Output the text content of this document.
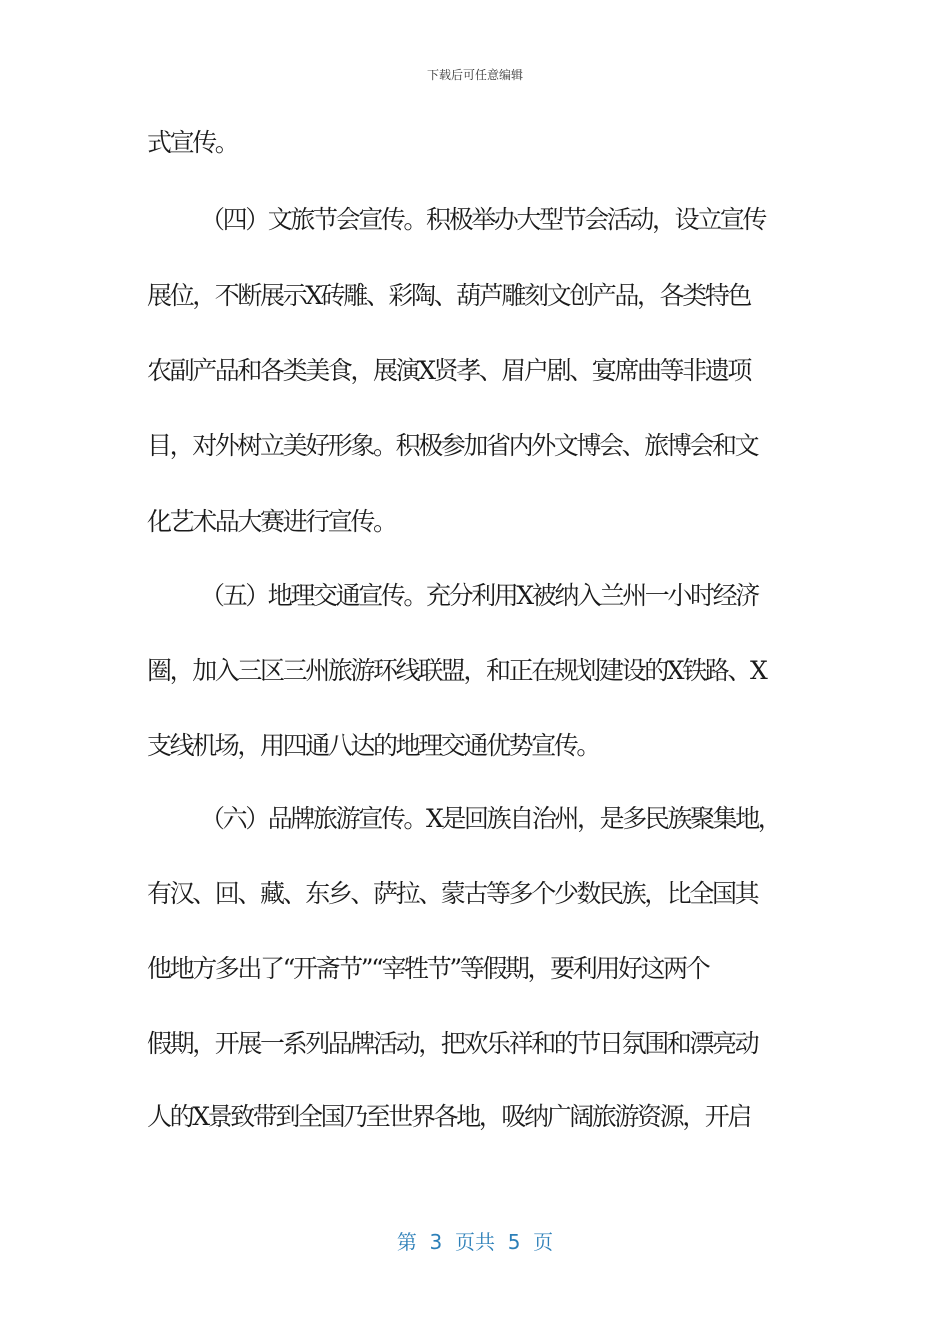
下载后可任意编辑
式宣传。
（四）文旅节会宣传。积极举办大型节会活动，设立宣传
展位，不断展示X砖雕、彩陶、葫芦雕刻文创产品，各类特色
农副产品和各类美食，展演X贤孝、眉户剧、宴席曲等非遗项
目，对外树立美好形象。积极参加省内外文博会、旅博会和文
化艺术品大赛进行宣传。
（五）地理交通宣传。充分利用X被纳入兰州一小时经济
圈，加入三区三州旅游环线联盟，和正在规划建设的X铁路、X
支线机场，用四通八达的地理交通优势宣传。
（六）品牌旅游宣传。X是回族自治州，是多民族聚集地，
有汉、回、藏、东乡、萨拉、蒙古等多个少数民族，比全国其
他地方多出了“开斋节”“宰牲节”等假期，要利用好这两个
假期，开展一系列品牌活动，把欢乐祥和的节日氛围和漂亮动
人的X景致带到全国乃至世界各地，吸纳广阔旅游资源，开启
第  3  页共  5  页
